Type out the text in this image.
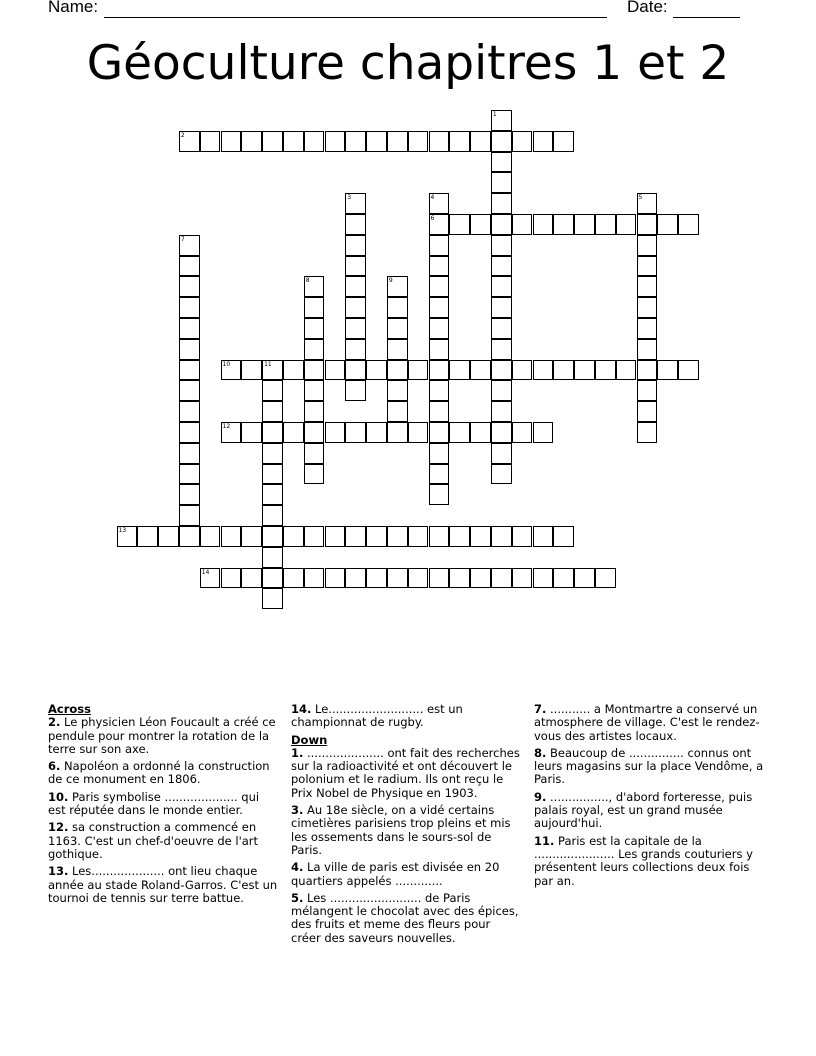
Name:	Date:
Géoculture chapitres 1 et 2
1
2
3	4
6
5
7
8	9
10	11
12
13
14
Across
2. Le physicien Léon Foucault a créé ce pendule pour montrer la rotation de la terre sur son axe.
6. Napoléon a ordonné la construction de ce monument en 1806.
10. Paris symbolise .................... qui est réputée dans le monde entier.
12. sa construction a commencé en 1163. C'est un chef-d'oeuvre de l'art gothique.
13. Les.................... ont lieu chaque année au stade Roland-Garros. C'est un tournoi de tennis sur terre battue.
14. Le.......................... est un championnat de rugby.
Down
1. ..................... ont fait des recherches sur la radioactivité et ont découvert le polonium et le radium. Ils ont reçu le Prix Nobel de Physique en 1903.
3. Au 18e siècle, on a vidé certains cimetières parisiens trop pleins et mis les ossements dans le sours-sol de Paris.
4. La ville de paris est divisée en 20 quartiers appelés .............
5. Les ......................... de Paris mélangent le chocolat avec des épices, des fruits et meme des fleurs pour créer des saveurs nouvelles.
7. ........... a Montmartre a conservé un atmosphere de village. C'est le rendez-vous des artistes locaux.
8. Beaucoup de ............... connus ont leurs magasins sur la place Vendôme, a Paris.
9. ................, d'abord forteresse, puis palais royal, est un grand musée aujourd'hui.
11. Paris est la capitale de la ...................... Les grands couturiers y présentent leurs collections deux fois par an.
